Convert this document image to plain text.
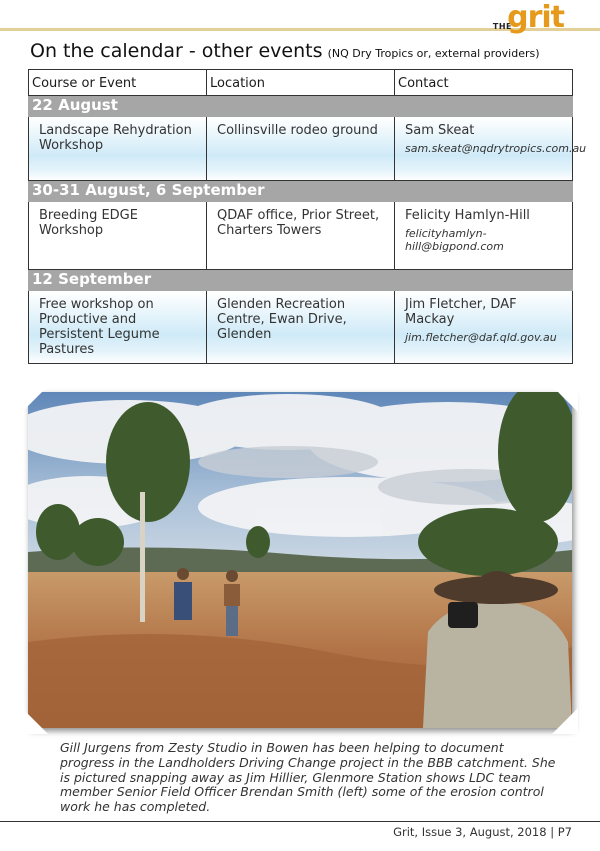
THE
grit
On the calendar - other events (NQ Dry Tropics or, external providers)
Course or Event	Location	Contact
22 August		
Landscape Rehydration Workshop	Collinsville rodeo ground	Sam Skeat
sam.skeat@nqdrytropics.com.au

30-31 August, 6 September		
Breeding EDGE Workshop	QDAF office, Prior Street, Charters Towers	Felicity Hamlyn-Hill
felicityhamlyn-hill@bigpond.com

12 September		
Free workshop on Productive and Persistent Legume Pastures	Glenden Recreation Centre, Ewan Drive, Glenden	Jim Fletcher, DAF Mackay
jim.fletcher@daf.qld.gov.au
Gill Jurgens from Zesty Studio in Bowen has been helping to document progress in the Landholders Driving Change project in the BBB catchment. She is pictured snapping away as Jim Hillier, Glenmore Station shows LDC team member Senior Field Officer Brendan Smith (left) some of the erosion control work he has completed.
Grit, Issue 3, August, 2018 | P7
